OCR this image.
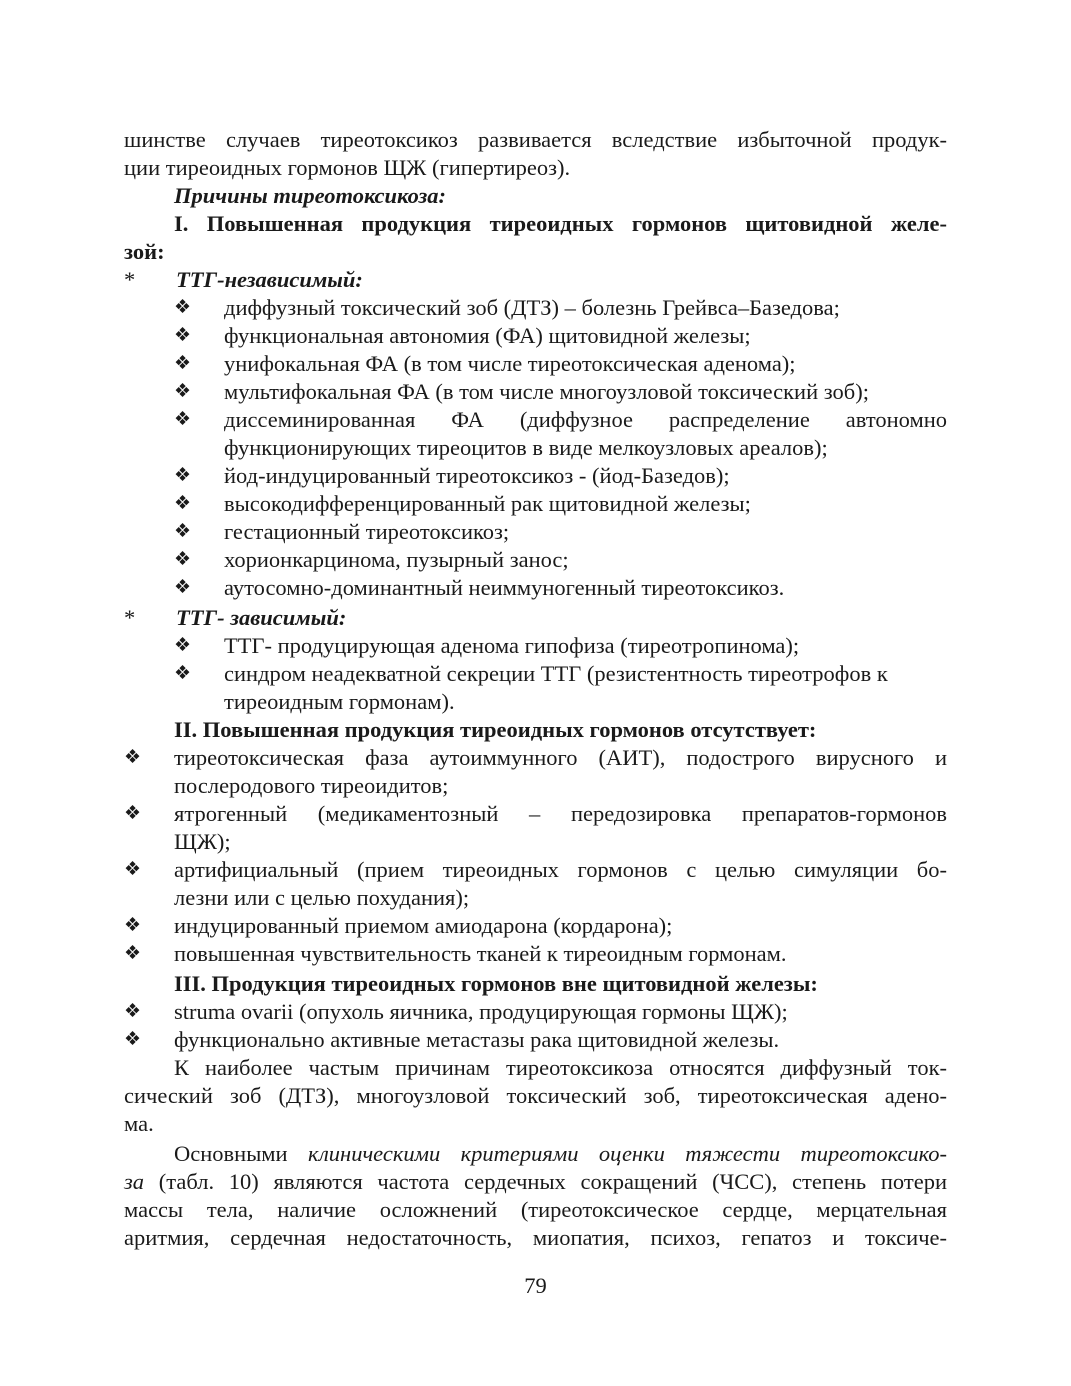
шинстве случаев тиреотоксикоз развивается вследствие избыточной продук-
ции тиреоидных гормонов ЩЖ (гипертиреоз).
Причины тиреотоксикоза:
I. Повышенная продукция тиреоидных гормонов щитовидной желе-
зой:
* ТТГ-независимый:
❖ диффузный токсический зоб (ДТЗ) – болезнь Грейвса–Базедова;
❖ функциональная автономия (ФА) щитовидной железы;
❖ унифокальная ФА (в том числе тиреотоксическая аденома);
❖ мультифокальная ФА (в том числе многоузловой токсический зоб);
❖ диссеминированная ФА (диффузное распределение автономно
функционирующих тиреоцитов в виде мелкоузловых ареалов);
❖ йод-индуцированный тиреотоксикоз - (йод-Базедов);
❖ высокодифференцированный рак щитовидной железы;
❖ гестационный тиреотоксикоз;
❖ хорионкарцинома, пузырный занос;
❖ аутосомно-доминантный неиммуногенный тиреотоксикоз.
* ТТГ- зависимый:
❖ ТТГ- продуцирующая аденома гипофиза (тиреотропинома);
❖ синдром неадекватной секреции ТТГ (резистентность тиреотрофов к
тиреоидным гормонам).
II. Повышенная продукция тиреоидных гормонов отсутствует:
❖ тиреотоксическая фаза аутоиммунного (АИТ), подострого вирусного и
послеродового тиреоидитов;
❖ ятрогенный (медикаментозный – передозировка препаратов-гормонов
ЩЖ);
❖ артифициальный (прием тиреоидных гормонов с целью симуляции бо-
лезни или с целью похудания);
❖ индуцированный приемом амиодарона (кордарона);
❖ повышенная чувствительность тканей к тиреоидным гормонам.
III. Продукция тиреоидных гормонов вне щитовидной железы:
❖ struma ovarii (опухоль яичника, продуцирующая гормоны ЩЖ);
❖ функционально активные метастазы рака щитовидной железы.
К наиболее частым причинам тиреотоксикоза относятся диффузный ток-
сический зоб (ДТЗ), многоузловой токсический зоб, тиреотоксическая адено-
ма.
Основными клиническими критериями оценки тяжести тиреотоксико-
за (табл. 10) являются частота сердечных сокращений (ЧСС), степень потери
массы тела, наличие осложнений (тиреотоксическое сердце, мерцательная
аритмия, сердечная недостаточность, миопатия, психоз, гепатоз и токсиче-
79
